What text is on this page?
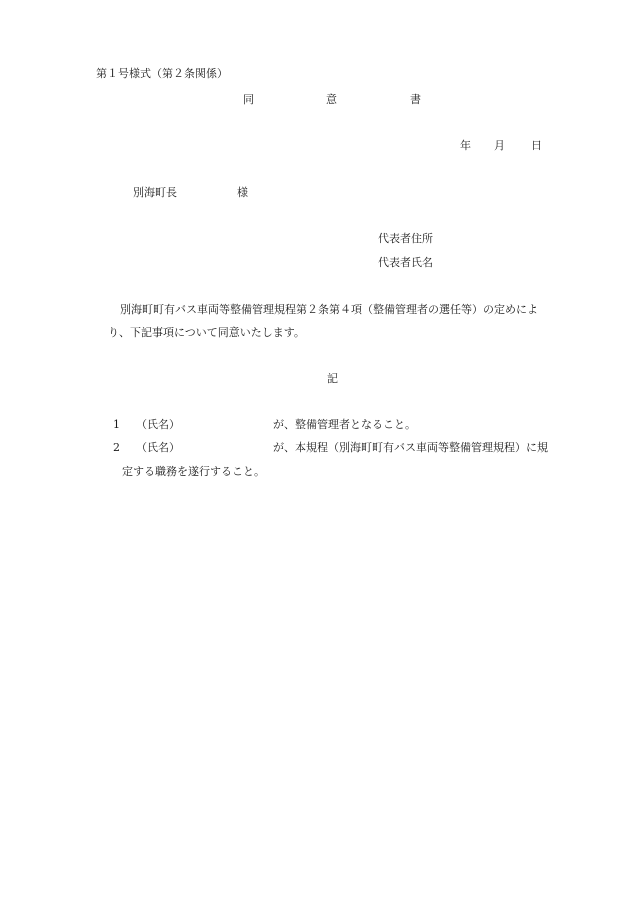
第１号様式（第２条関係）
同	意	書
年 月 日
別海町長	様
代表者住所
代表者氏名
別海町町有バス車両等整備管理規程第２条第４項（整備管理者の選任等）の定めによ
り、下記事項について同意いたします。
記
1 （氏名）	が、整備管理者となること。
2 （氏名）	が、本規程（別海町町有バス車両等整備管理規程）に規
定する職務を遂行すること。
